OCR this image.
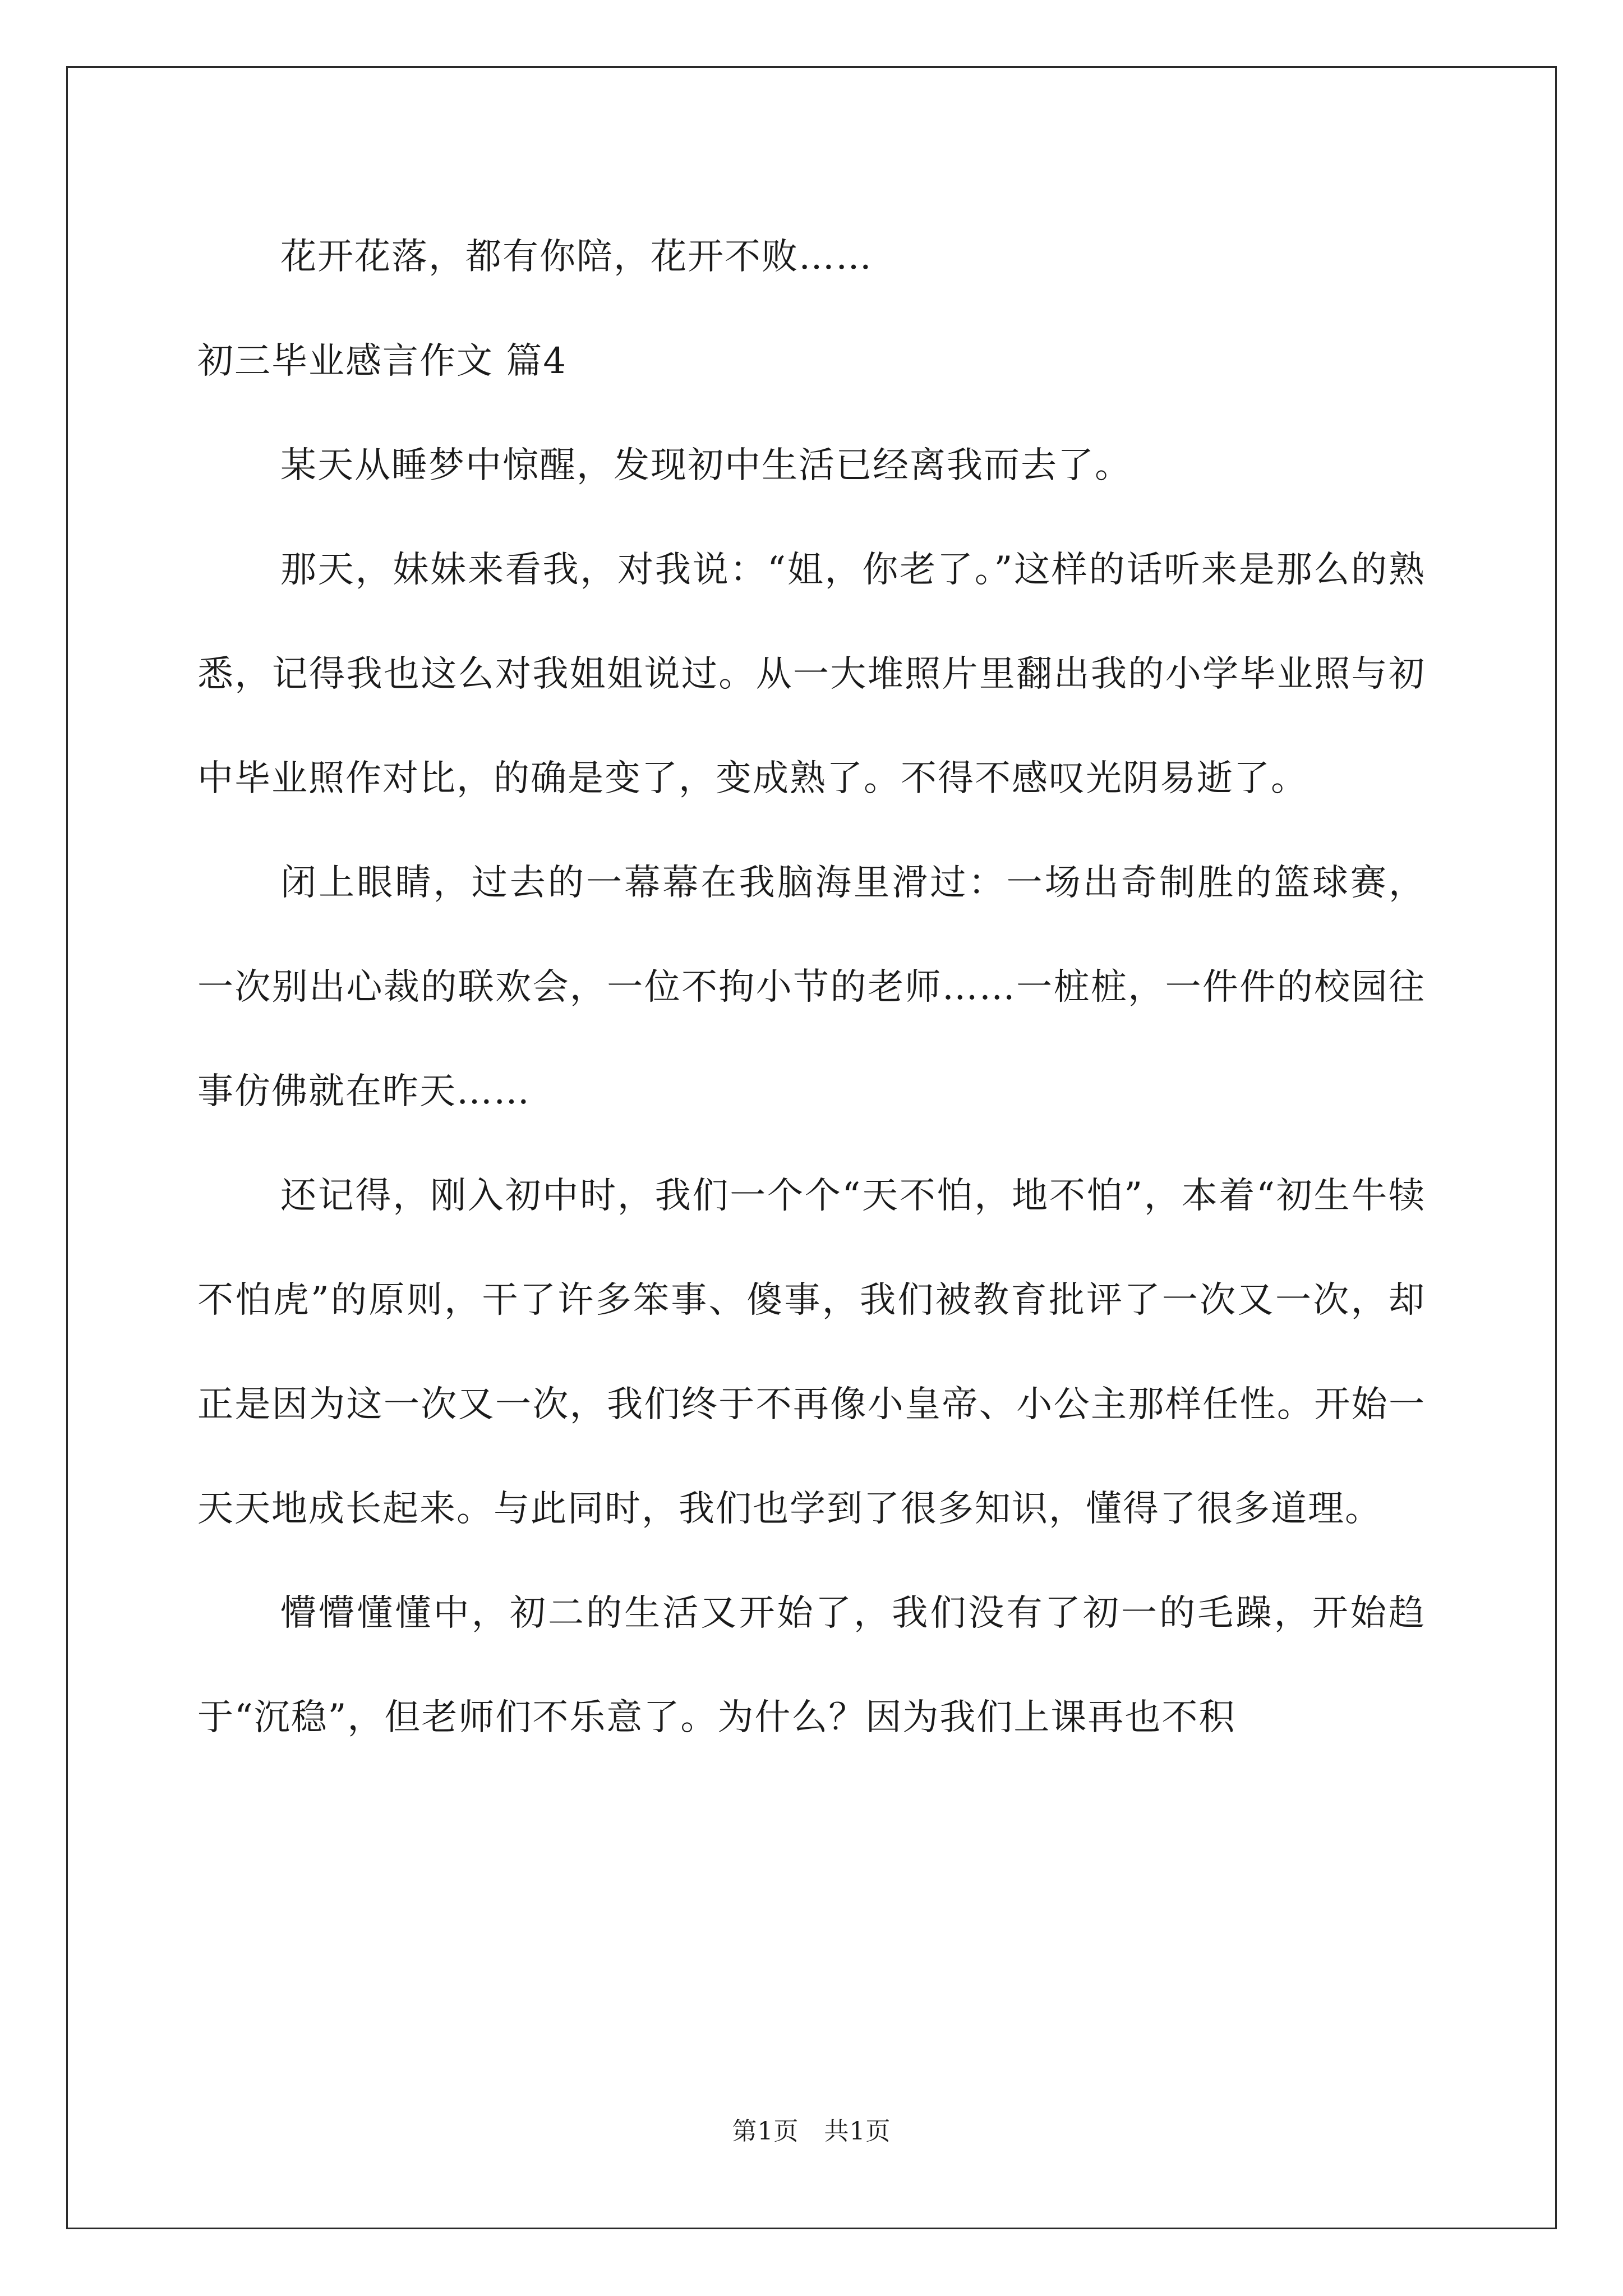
花开花落，都有你陪，花开不败……

初三毕业感言作文 篇4

某天从睡梦中惊醒，发现初中生活已经离我而去了。

那天，妹妹来看我，对我说：“姐，你老了。”这样的话听来是那么的熟悉，记得我也这么对我姐姐说过。从一大堆照片里翻出我的小学毕业照与初中毕业照作对比，的确是变了，变成熟了。不得不感叹光阴易逝了。

闭上眼睛，过去的一幕幕在我脑海里滑过：一场出奇制胜的篮球赛，一次别出心裁的联欢会，一位不拘小节的老师……一桩桩，一件件的校园往事仿佛就在昨天……

还记得，刚入初中时，我们一个个“天不怕，地不怕”，本着“初生牛犊不怕虎”的原则，干了许多笨事、傻事，我们被教育批评了一次又一次，却正是因为这一次又一次，我们终于不再像小皇帝、小公主那样任性。开始一天天地成长起来。与此同时，我们也学到了很多知识，懂得了很多道理。

懵懵懂懂中，初二的生活又开始了，我们没有了初一的毛躁，开始趋于“沉稳”，但老师们不乐意了。为什么？因为我们上课再也不积

第1页　共1页
